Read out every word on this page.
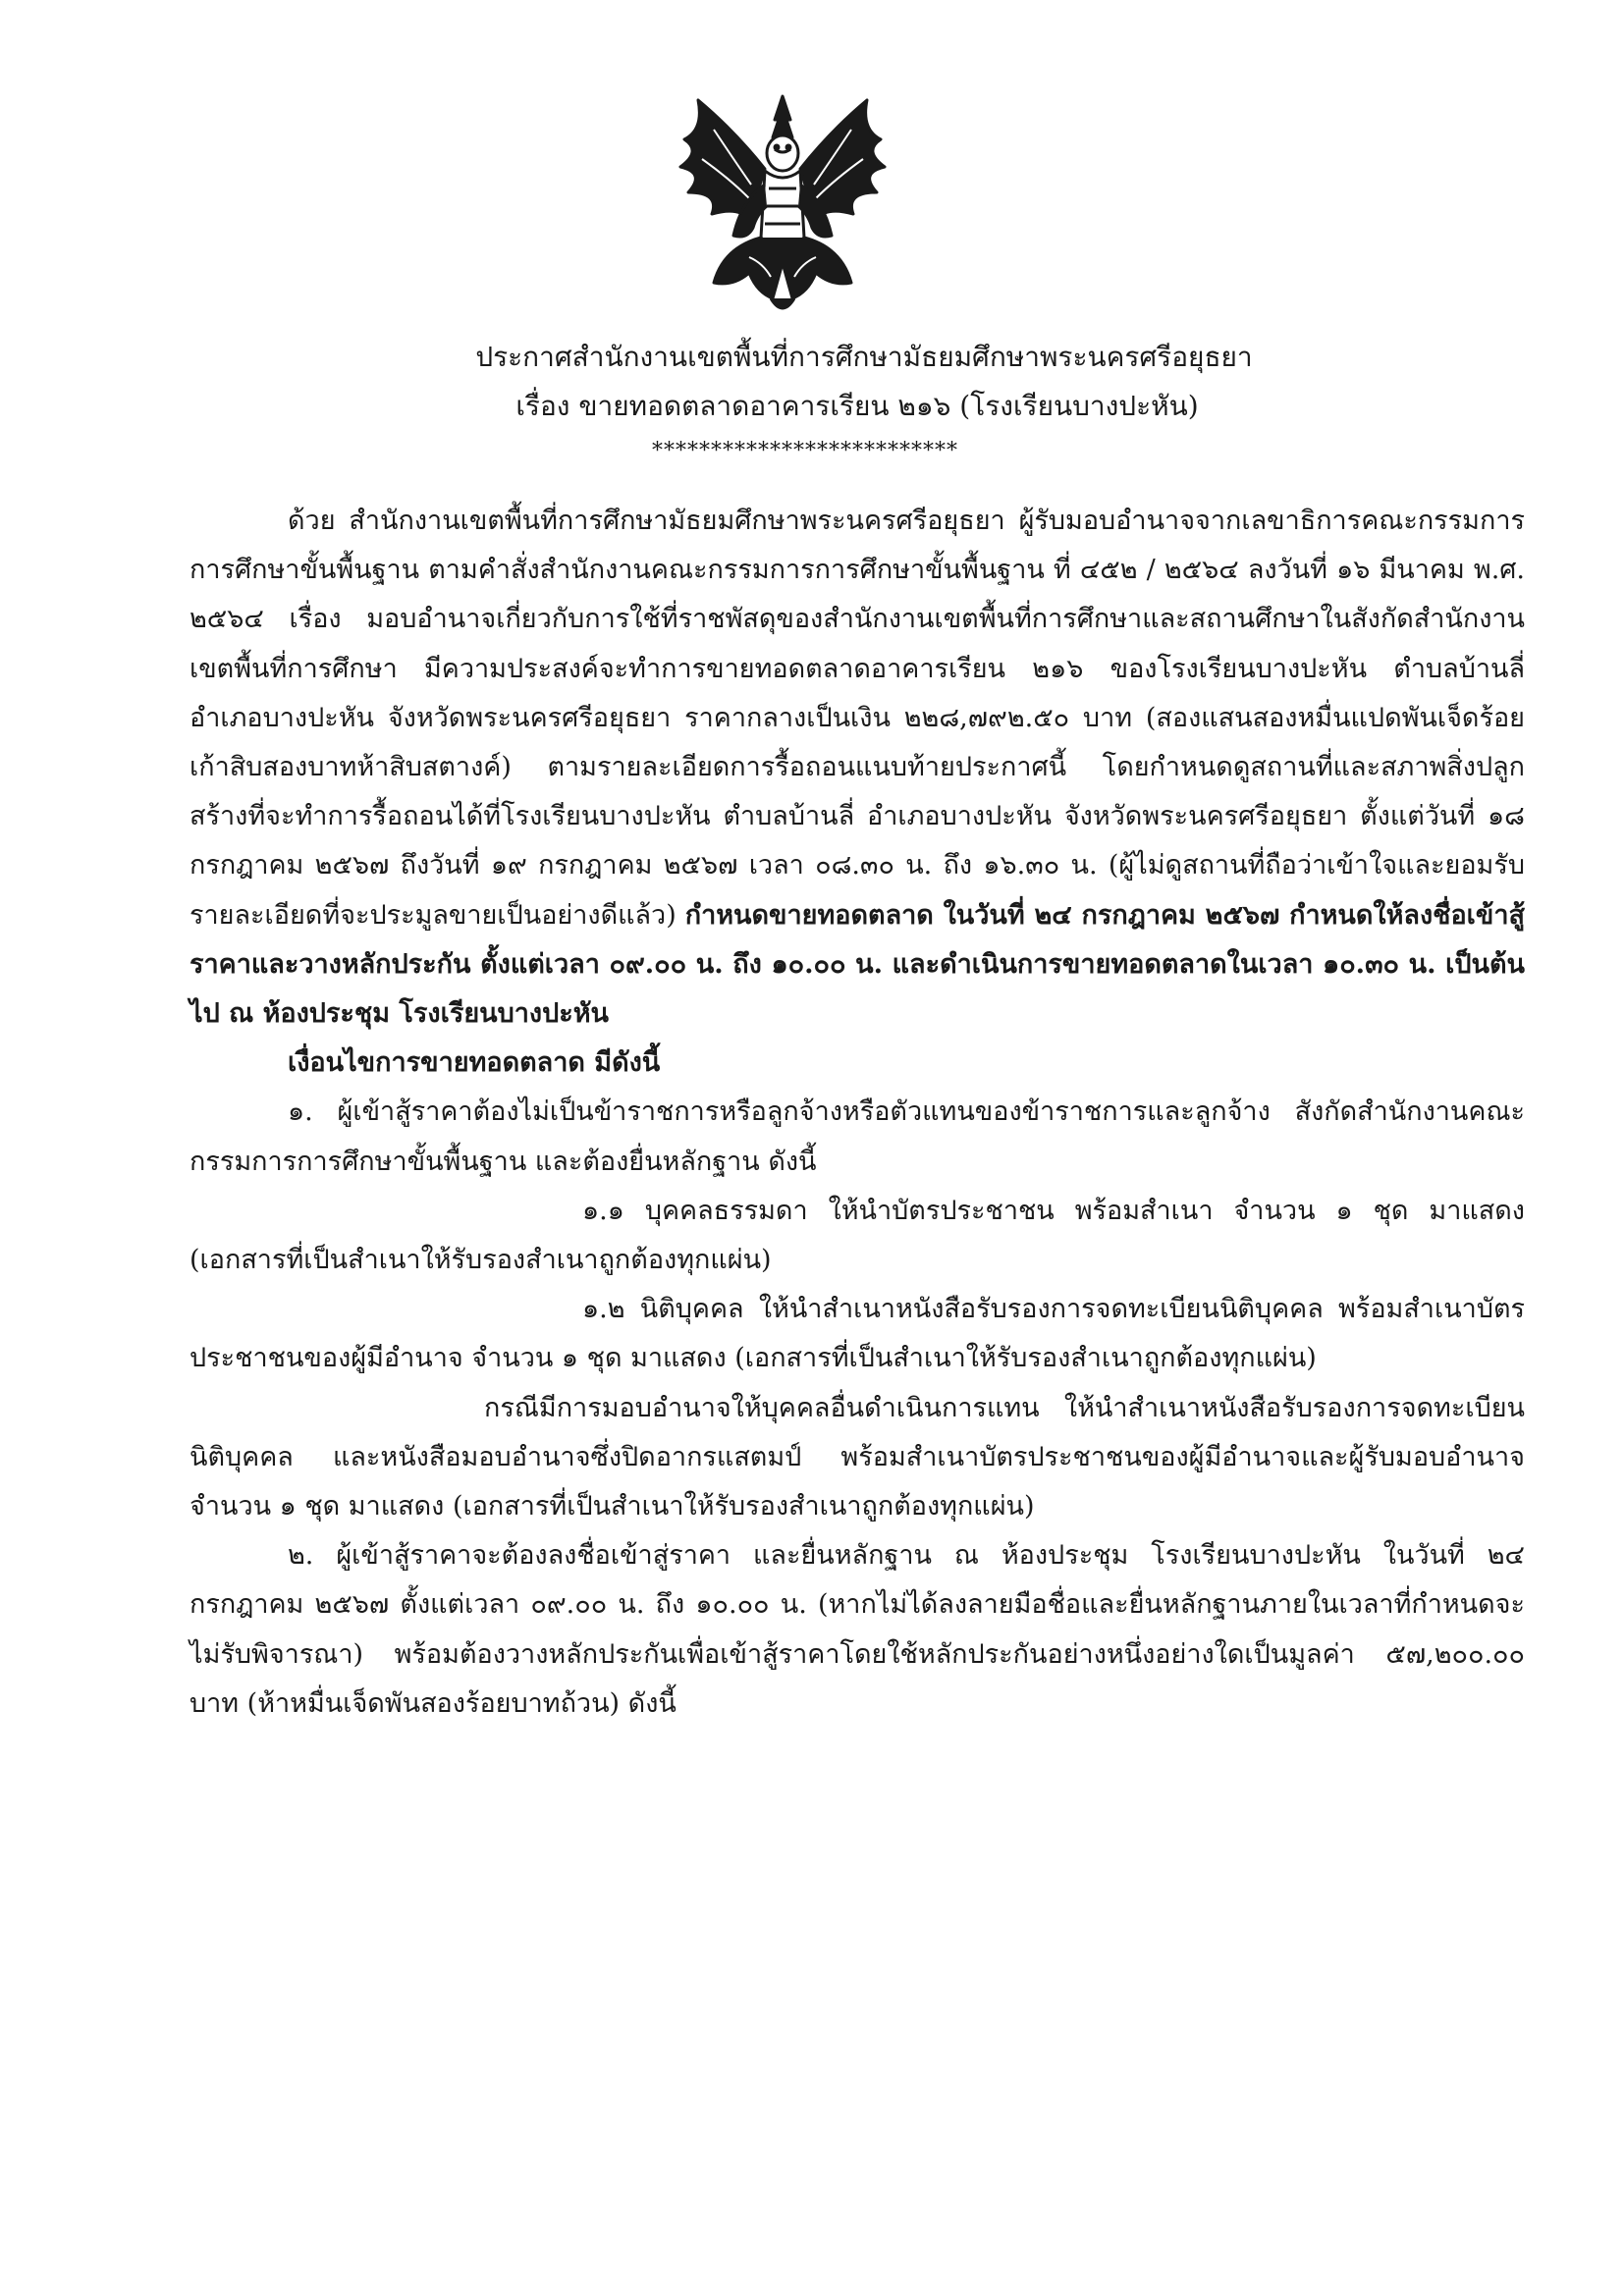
ประกาศสำนักงานเขตพื้นที่การศึกษามัธยมศึกษาพระนครศรีอยุธยา
เรื่อง ขายทอดตลาดอาคารเรียน ๒๑๖ (โรงเรียนบางปะหัน)
**************************

ด้วย สำนักงานเขตพื้นที่การศึกษามัธยมศึกษาพระนครศรีอยุธยา ผู้รับมอบอำนาจจากเลขาธิการคณะกรรมการการศึกษาขั้นพื้นฐาน ตามคำสั่งสำนักงานคณะกรรมการการศึกษาขั้นพื้นฐาน ที่ ๔๕๒ / ๒๕๖๔ ลงวันที่ ๑๖ มีนาคม พ.ศ. ๒๕๖๔ เรื่อง มอบอำนาจเกี่ยวกับการใช้ที่ราชพัสดุของสำนักงานเขตพื้นที่การศึกษาและสถานศึกษาในสังกัดสำนักงานเขตพื้นที่การศึกษา มีความประสงค์จะทำการขายทอดตลาดอาคารเรียน ๒๑๖ ของโรงเรียนบางปะหัน ตำบลบ้านลี่ อำเภอบางปะหัน จังหวัดพระนครศรีอยุธยา ราคากลางเป็นเงิน ๒๒๘,๗๙๒.๕๐ บาท (สองแสนสองหมื่นแปดพันเจ็ดร้อยเก้าสิบสองบาทห้าสิบสตางค์) ตามรายละเอียดการรื้อถอนแนบท้ายประกาศนี้ โดยกำหนดดูสถานที่และสภาพสิ่งปลูกสร้างที่จะทำการรื้อถอนได้ที่โรงเรียนบางปะหัน ตำบลบ้านลี่ อำเภอบางปะหัน จังหวัดพระนครศรีอยุธยา ตั้งแต่วันที่ ๑๘ กรกฎาคม ๒๕๖๗ ถึงวันที่ ๑๙ กรกฎาคม ๒๕๖๗ เวลา ๐๘.๓๐ น. ถึง ๑๖.๓๐ น. (ผู้ไม่ดูสถานที่ถือว่าเข้าใจและยอมรับรายละเอียดที่จะประมูลขายเป็นอย่างดีแล้ว) กำหนดขายทอดตลาด ในวันที่ ๒๔ กรกฎาคม ๒๕๖๗ กำหนดให้ลงชื่อเข้าสู้ราคาและวางหลักประกัน ตั้งแต่เวลา ๐๙.๐๐ น. ถึง ๑๐.๐๐ น. และดำเนินการขายทอดตลาดในเวลา ๑๐.๓๐ น. เป็นต้นไป ณ ห้องประชุม โรงเรียนบางปะหัน

เงื่อนไขการขายทอดตลาด มีดังนี้

๑. ผู้เข้าสู้ราคาต้องไม่เป็นข้าราชการหรือลูกจ้างหรือตัวแทนของข้าราชการและลูกจ้าง สังกัดสำนักงานคณะกรรมการการศึกษาขั้นพื้นฐาน และต้องยื่นหลักฐาน ดังนี้

๑.๑ บุคคลธรรมดา ให้นำบัตรประชาชน พร้อมสำเนา จำนวน ๑ ชุด มาแสดง (เอกสารที่เป็นสำเนาให้รับรองสำเนาถูกต้องทุกแผ่น)

๑.๒ นิติบุคคล ให้นำสำเนาหนังสือรับรองการจดทะเบียนนิติบุคคล พร้อมสำเนาบัตรประชาชนของผู้มีอำนาจ จำนวน ๑ ชุด มาแสดง (เอกสารที่เป็นสำเนาให้รับรองสำเนาถูกต้องทุกแผ่น)

กรณีมีการมอบอำนาจให้บุคคลอื่นดำเนินการแทน ให้นำสำเนาหนังสือรับรองการจดทะเบียนนิติบุคคล และหนังสือมอบอำนาจซึ่งปิดอากรแสตมป์ พร้อมสำเนาบัตรประชาชนของผู้มีอำนาจและผู้รับมอบอำนาจ จำนวน ๑ ชุด มาแสดง (เอกสารที่เป็นสำเนาให้รับรองสำเนาถูกต้องทุกแผ่น)

๒. ผู้เข้าสู้ราคาจะต้องลงชื่อเข้าสู่ราคา และยื่นหลักฐาน ณ ห้องประชุม โรงเรียนบางปะหัน ในวันที่ ๒๔ กรกฎาคม ๒๕๖๗ ตั้งแต่เวลา ๐๙.๐๐ น. ถึง ๑๐.๐๐ น. (หากไม่ได้ลงลายมือชื่อและยื่นหลักฐานภายในเวลาที่กำหนดจะไม่รับพิจารณา) พร้อมต้องวางหลักประกันเพื่อเข้าสู้ราคาโดยใช้หลักประกันอย่างหนึ่งอย่างใดเป็นมูลค่า ๕๗,๒๐๐.๐๐ บาท (ห้าหมื่นเจ็ดพันสองร้อยบาทถ้วน) ดังนี้
